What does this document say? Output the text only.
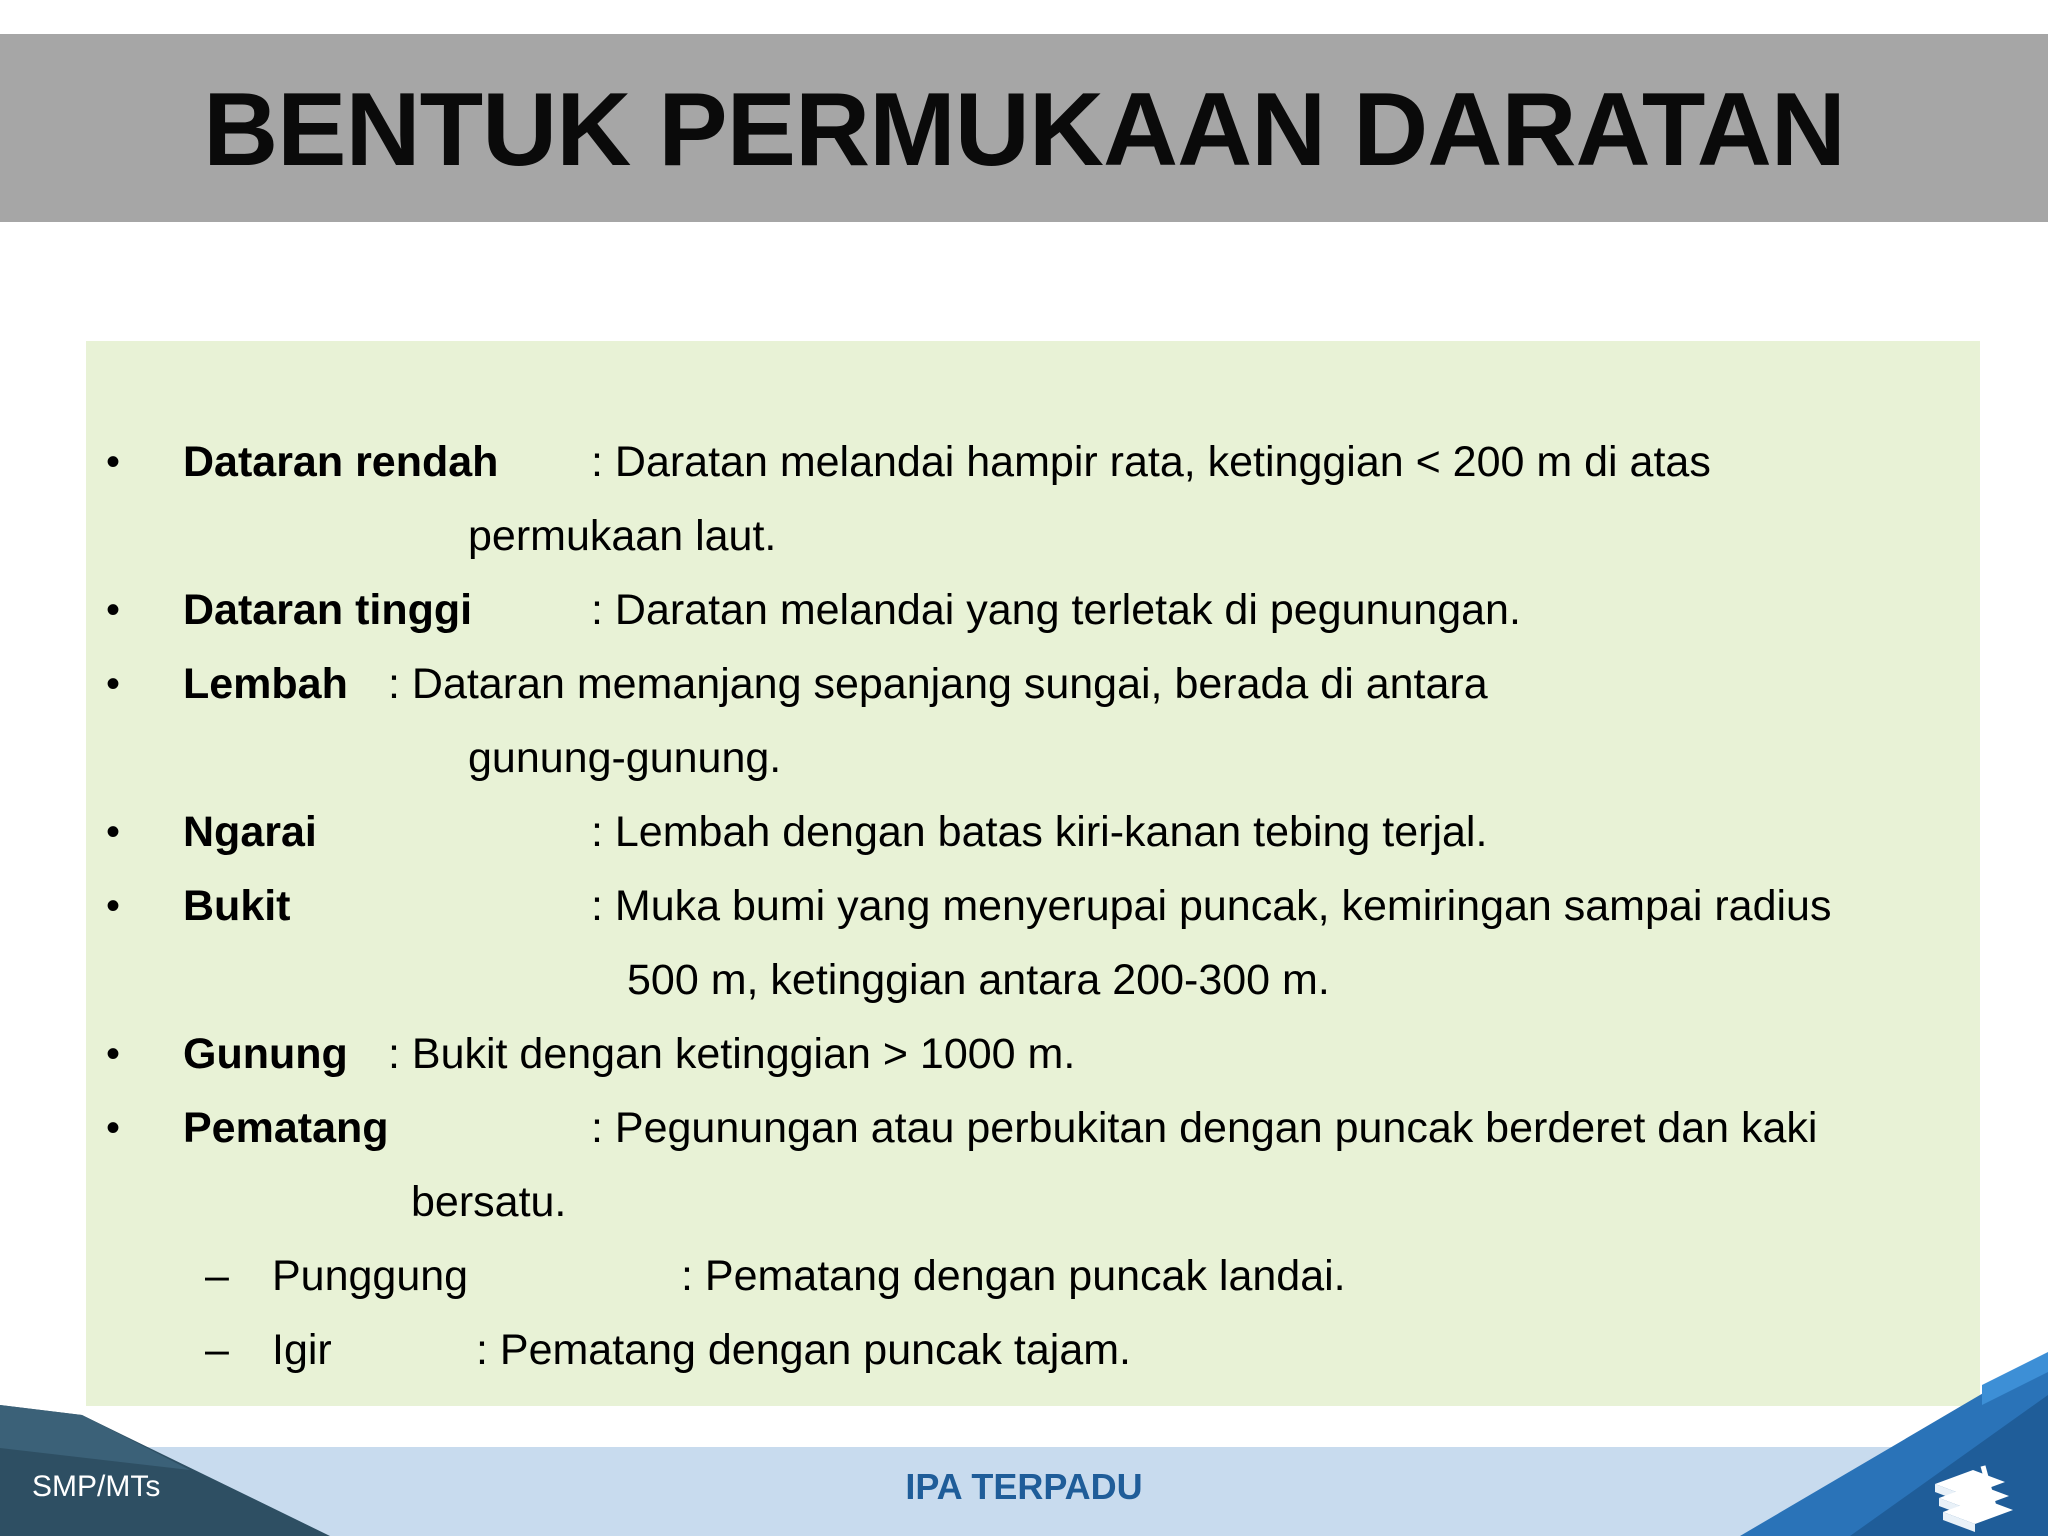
BENTUK PERMUKAAN DARATAN
• Dataran rendah : Daratan melandai hampir rata, ketinggian < 200 m di atas
permukaan laut.
• Dataran tinggi	: Daratan melandai yang terletak di pegunungan.
• Lembah : Dataran memanjang sepanjang sungai, berada di antara
gunung-gunung.
• Ngarai	: Lembah dengan batas kiri-kanan tebing terjal.
• Bukit	: Muka bumi yang menyerupai puncak, kemiringan sampai radius
500 m, ketinggian antara 200-300 m.
• Gunung : Bukit dengan ketinggian > 1000 m.
• Pematang	: Pegunungan atau perbukitan dengan puncak berderet dan kaki
bersatu.
– Punggung	: Pematang dengan puncak landai.
– Igir	: Pematang dengan puncak tajam.
SMP/MTs	IPA TERPADU
